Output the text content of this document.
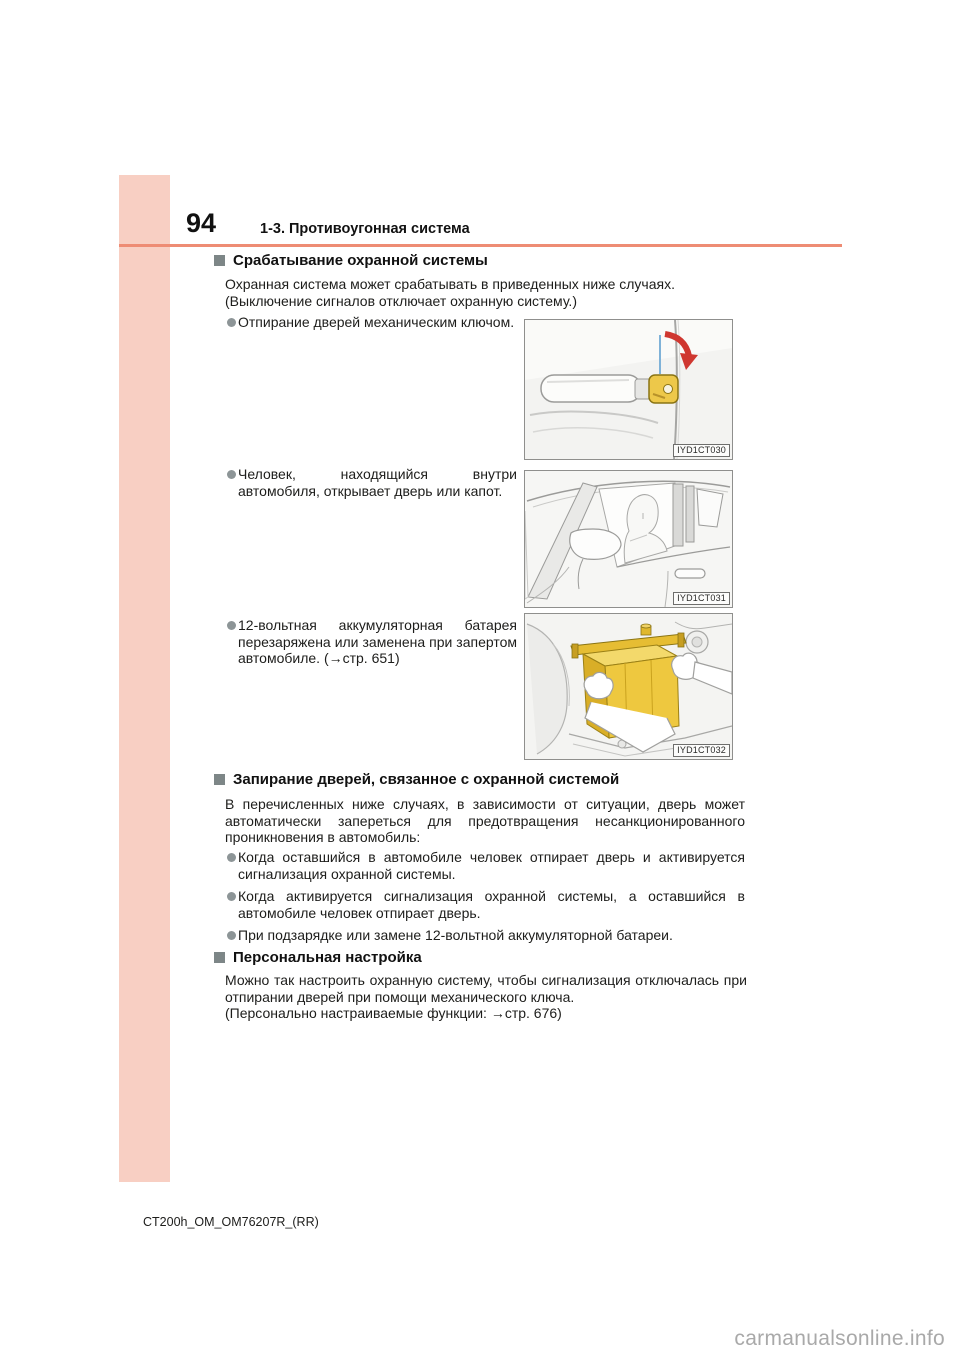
94	1-3. Противоугонная система
Срабатывание охранной системы
Охранная система может срабатывать в приведенных ниже случаях.
(Выключение сигналов отключает охранную систему.)
Отпирание дверей механическим ключом.
IYD1CT030
Человек, находящийся внутри автомобиля, открывает дверь или капот.
IYD1CT031
12-вольтная аккумуляторная батарея перезаряжена или заменена при запертом автомобиле. (→стр. 651)
IYD1CT032
Запирание дверей, связанное с охранной системой
В перечисленных ниже случаях, в зависимости от ситуации, дверь может автоматически запереться для предотвращения несанкционированного проникновения в автомобиль:
Когда оставшийся в автомобиле человек отпирает дверь и активируется сигнализация охранной системы.
Когда активируется сигнализация охранной системы, а оставшийся в автомобиле человек отпирает дверь.
При подзарядке или замене 12-вольтной аккумуляторной батареи.
Персональная настройка
Можно так настроить охранную систему, чтобы сигнализация отключалась при отпирании дверей при помощи механического ключа.
(Персонально настраиваемые функции: →стр. 676)
CT200h_OM_OM76207R_(RR)
carmanualsonline.info
